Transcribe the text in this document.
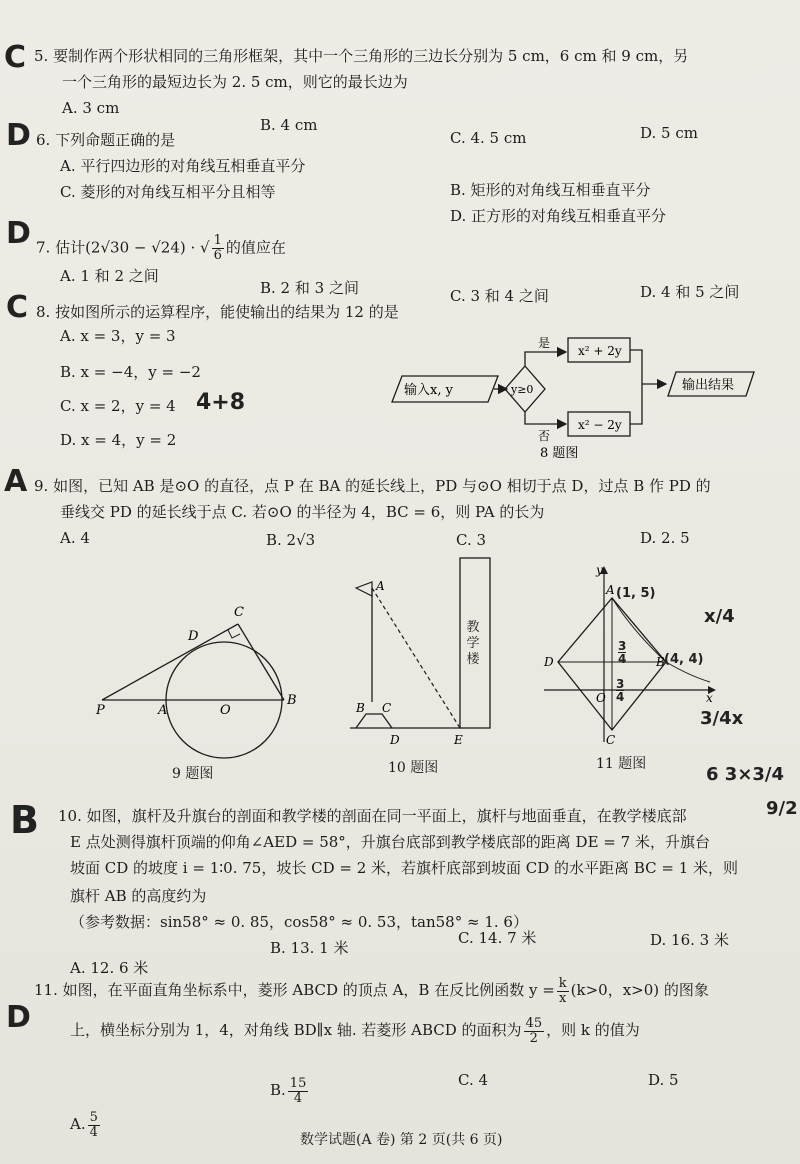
C 5. 要制作两个形状相同的三角形框架，其中一个三角形的三边长分别为 5 cm，6 cm 和 9 cm，另
一个三角形的最短边长为 2. 5 cm，则它的最长边为
A. 3 cm
B. 4 cm
C. 4. 5 cm	D. 5 cm
D 6. 下列命题正确的是
A. 平行四边形的对角线互相垂直平分
C. 菱形的对角线互相平分且相等	B. 矩形的对角线互相垂直平分
D. 正方形的对角线互相垂直平分
D 7. 估计(2√30 − √24) · √ $\frac{1}{6}$ 的值应在
A. 1 和 2 之间
B. 2 和 3 之间	C. 3 和 4 之间	D. 4 和 5 之间
C 8. 按如图所示的运算程序，能使输出的结果为 12 的是
A. x = 3，y = 3
B. x = −4，y = −2
C. x = 2，y = 4 4+8
D. x = 4，y = 2
输入x, y	y≥0
是
否
x² + 2y
x² − 2y
输出结果
8 题图
A 9. 如图，已知 AB 是⊙O 的直径，点 P 在 BA 的延长线上，PD 与⊙O 相切于点 D，过点 B 作 PD 的
垂线交 PD 的延长线于点 C. 若⊙O 的半径为 4，BC = 6，则 PA 的长为
A. 4	B. 2√3	C. 3	D. 2. 5
P	A	O
B
C
D
9 题图
A
B C
D	E
教学楼
10 题图
y
x
O
A
B
C
D
(1, 5)
(4, 4)
$\frac{3}{4}$
$\frac{3}{4}$
11 题图
x/4
3/4x
6 3×3/4
9/2
B 10. 如图，旗杆及升旗台的剖面和教学楼的剖面在同一平面上，旗杆与地面垂直，在教学楼底部
E 点处测得旗杆顶端的仰角∠AED = 58°，升旗台底部到教学楼底部的距离 DE = 7 米，升旗台
坡面 CD 的坡度 i = 1∶0. 75，坡长 CD = 2 米，若旗杆底部到坡面 CD 的水平距离 BC = 1 米，则
旗杆 AB 的高度约为
（参考数据：sin58° ≈ 0. 85，cos58° ≈ 0. 53，tan58° ≈ 1. 6）
A. 12. 6 米
B. 13. 1 米
C. 14. 7 米	D. 16. 3 米
D
11. 如图，在平面直角坐标系中，菱形 ABCD 的顶点 A，B 在反比例函数 $y = \frac{k}{x} (k>0$，x>0) 的图象
上，横坐标分别为 1，4，对角线 BD∥x 轴. 若菱形 ABCD 的面积为 $\frac{45}{2}$ ，则 k 的值为
A. $\frac{5}{4}$
B. $\frac{15}{4}$	C. 4	D. 5
数学试题(A 卷) 第 2 页(共 6 页)
